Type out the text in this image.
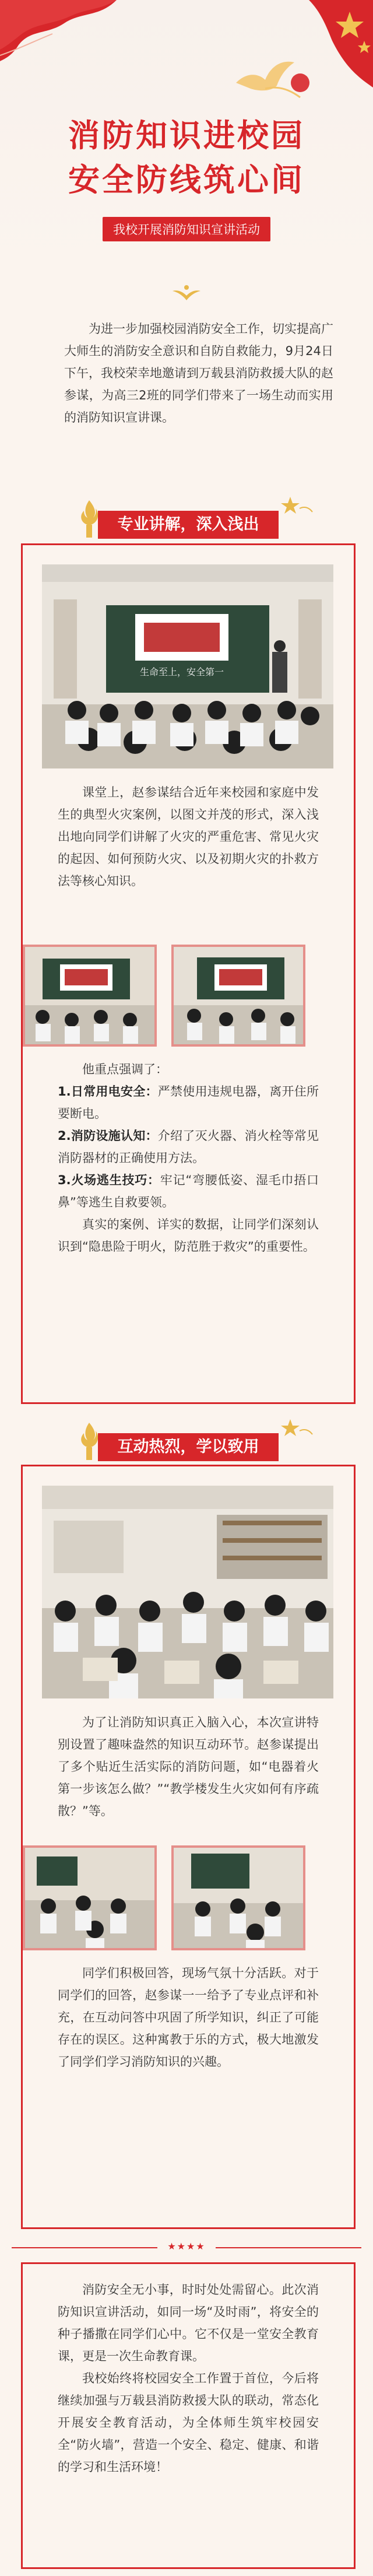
消防知识进校园
安全防线筑心间
我校开展消防知识宣讲活动

为进一步加强校园消防安全工作，切实提高广大师生的消防安全意识和自防自救能力，9月24日下午，我校荣幸地邀请到万载县消防救援大队的赵参谋，为高三2班的同学们带来了一场生动而实用的消防知识宣讲课。

专业讲解，深入浅出
生命至上，安全第一

课堂上，赵参谋结合近年来校园和家庭中发生的典型火灾案例，以图文并茂的形式，深入浅出地向同学们讲解了火灾的严重危害、常见火灾的起因、如何预防火灾、以及初期火灾的扑救方法等核心知识。

他重点强调了：

1.日常用电安全：严禁使用违规电器，离开住所要断电。

2.消防设施认知：介绍了灭火器、消火栓等常见消防器材的正确使用方法。

3.火场逃生技巧：牢记“弯腰低姿、湿毛巾捂口鼻”等逃生自救要领。

真实的案例、详实的数据，让同学们深刻认识到“隐患险于明火，防范胜于救灾”的重要性。

互动热烈，学以致用

为了让消防知识真正入脑入心，本次宣讲特别设置了趣味盎然的知识互动环节。赵参谋提出了多个贴近生活实际的消防问题，如“电器着火第一步该怎么做？”“教学楼发生火灾如何有序疏散？”等。

同学们积极回答，现场气氛十分活跃。对于同学们的回答，赵参谋一一给予了专业点评和补充，在互动问答中巩固了所学知识，纠正了可能存在的误区。这种寓教于乐的方式，极大地激发了同学们学习消防知识的兴趣。

★★★★

消防安全无小事，时时处处需留心。此次消防知识宣讲活动，如同一场“及时雨”，将安全的种子播撒在同学们心中。它不仅是一堂安全教育课，更是一次生命教育课。

我校始终将校园安全工作置于首位，今后将继续加强与万载县消防救援大队的联动，常态化开展安全教育活动，为全体师生筑牢校园安全“防火墙”，营造一个安全、稳定、健康、和谐的学习和生活环境！
